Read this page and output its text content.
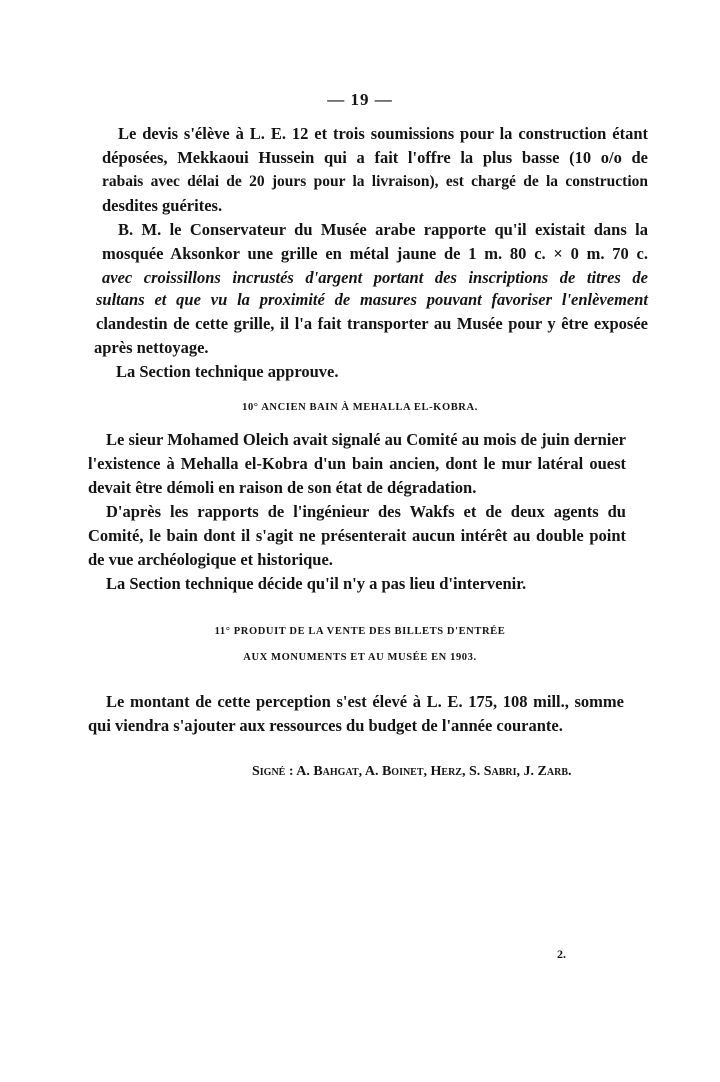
— 19 —
Le devis s'élève à L. E. 12 et trois soumissions pour la construction étant
déposées, Mekkaoui Hussein qui a fait l'offre la plus basse (10 o/o de
rabais avec délai de 20 jours pour la livraison), est chargé de la construction
desdites guérites.
B. M. le Conservateur du Musée arabe rapporte qu'il existait dans la
mosquée Aksonkor une grille en métal jaune de 1 m. 80 c. × 0 m. 70 c.
avec croissillons incrustés d'argent portant des inscriptions de titres de
sultans et que vu la proximité de masures pouvant favoriser l'enlèvement
clandestin de cette grille, il l'a fait transporter au Musée pour y être exposée
après nettoyage.
La Section technique approuve.
10° ANCIEN BAIN À MEHALLA EL-KOBRA.
Le sieur Mohamed Oleich avait signalé au Comité au mois de juin dernier
l'existence à Mehalla el-Kobra d'un bain ancien, dont le mur latéral ouest
devait être démoli en raison de son état de dégradation.
D'après les rapports de l'ingénieur des Wakfs et de deux agents du
Comité, le bain dont il s'agit ne présenterait aucun intérêt au double point
de vue archéologique et historique.
La Section technique décide qu'il n'y a pas lieu d'intervenir.
11° PRODUIT DE LA VENTE DES BILLETS D'ENTRÉE
AUX MONUMENTS ET AU MUSÉE EN 1903.
Le montant de cette perception s'est élevé à L. E. 175, 108 mill., somme
qui viendra s'ajouter aux ressources du budget de l'année courante.
Signé : A. Bahgat, A. Boinet, Herz, S. Sabri, J. Zarb.
2.
